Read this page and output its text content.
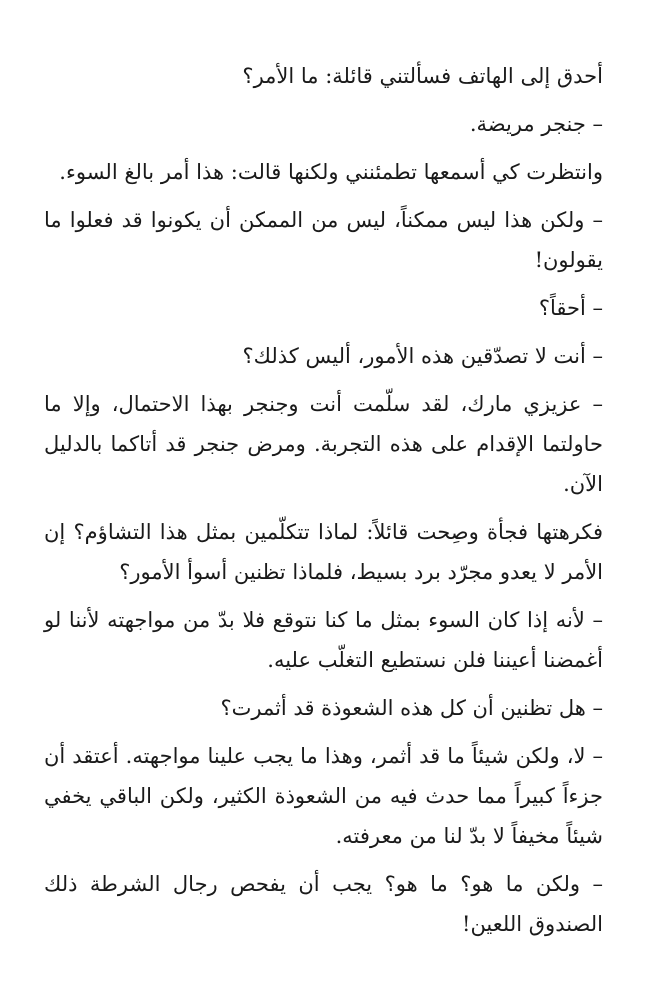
أحدق إلى الهاتف فسألتني قائلة: ما الأمر؟

– جنجر مريضة.

وانتظرت كي أسمعها تطمئنني ولكنها قالت: هذا أمر بالغ السوء.

– ولكن هذا ليس ممكناً، ليس من الممكن أن يكونوا قد فعلوا ما يقولون!

– أحقاً؟

– أنت لا تصدّقين هذه الأمور، أليس كذلك؟

– عزيزي مارك، لقد سلّمت أنت وجنجر بهذا الاحتمال، وإلا ما حاولتما الإقدام على هذه التجربة. ومرض جنجر قد أتاكما بالدليل الآن.

فكرهتها فجأة وصِحت قائلاً: لماذا تتكلّمين بمثل هذا التشاؤم؟ إن الأمر لا يعدو مجرّد برد بسيط، فلماذا تظنين أسوأ الأمور؟

– لأنه إذا كان السوء بمثل ما كنا نتوقع فلا بدّ من مواجهته لأننا لو أغمضنا أعيننا فلن نستطيع التغلّب عليه.

– هل تظنين أن كل هذه الشعوذة قد أثمرت؟

– لا، ولكن شيئاً ما قد أثمر، وهذا ما يجب علينا مواجهته. أعتقد أن جزءاً كبيراً مما حدث فيه من الشعوذة الكثير، ولكن الباقي يخفي شيئاً مخيفاً لا بدّ لنا من معرفته.

– ولكن ما هو؟ ما هو؟ يجب أن يفحص رجال الشرطة ذلك الصندوق اللعين!
